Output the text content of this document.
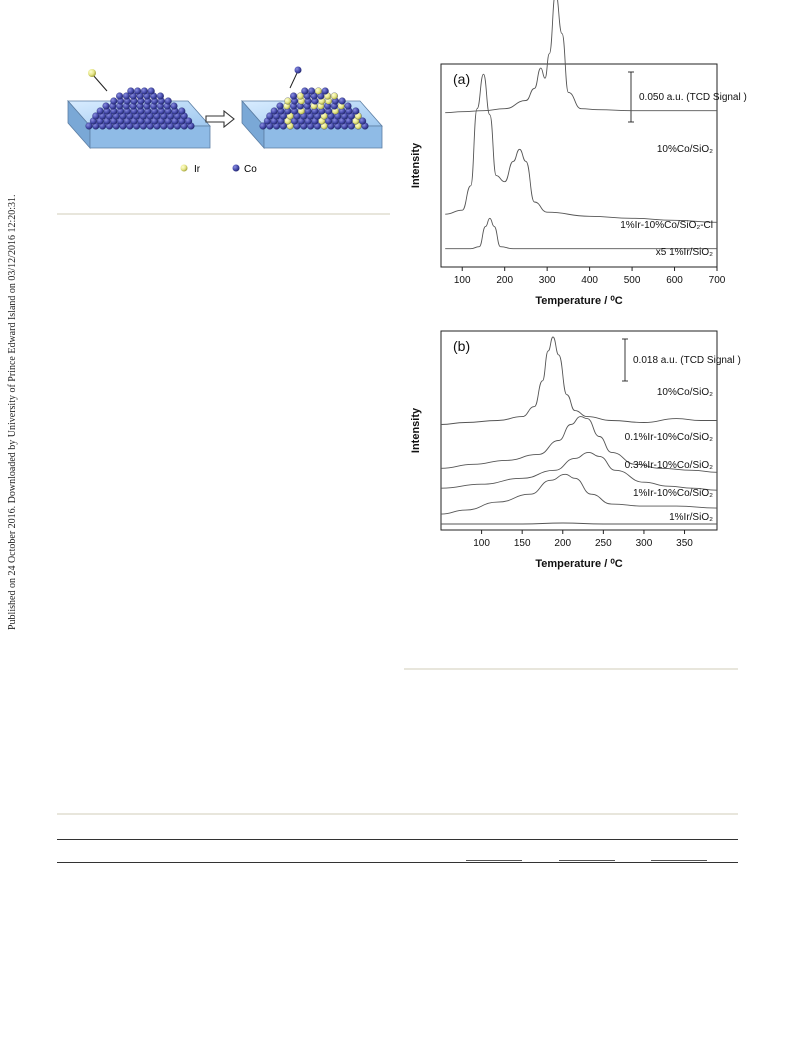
Published on 24 October 2016. Downloaded by University of Prince Edward Island on 03/12/2016 12:20:31.
Ir	Co
100	200	300	400	500	600	700
Temperature / ⁰C
Intensity
(a)
0.050 a.u. (TCD Signal )
10%Co/SiO₂
1%Ir-10%Co/SiO₂-Cl
x5 1%Ir/SiO₂
100 150 200 250 300 350
Temperature / ⁰C
Intensity
(b)
0.018 a.u. (TCD Signal )
10%Co/SiO₂
0.1%Ir-10%Co/SiO₂
0.3%Ir-10%Co/SiO₂
1%Ir-10%Co/SiO₂
1%Ir/SiO₂
